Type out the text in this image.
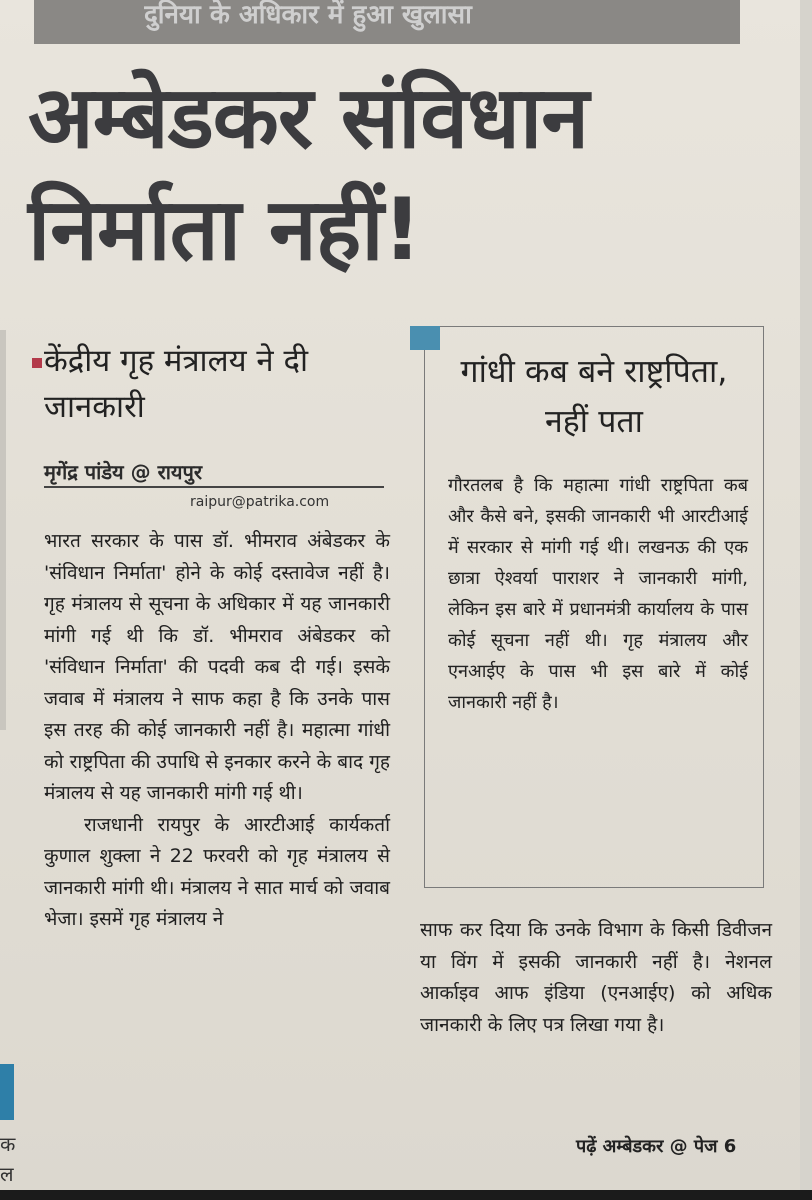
दुनिया के अधिकार में हुआ खुलासा
अम्बेडकर संविधान
निर्माता नहीं!
केंद्रीय गृह मंत्रालय ने दी जानकारी
मृगेंद्र पांडेय @ रायपुर
raipur@patrika.com

भारत सरकार के पास डॉ. भीमराव अंबेडकर के 'संविधान निर्माता' होने के कोई दस्तावेज नहीं है। गृह मंत्रालय से सूचना के अधिकार में यह जानकारी मांगी गई थी कि डॉ. भीमराव अंबेडकर को 'संविधान निर्माता' की पदवी कब दी गई। इसके जवाब में मंत्रालय ने साफ कहा है कि उनके पास इस तरह की कोई जानकारी नहीं है। महात्मा गांधी को राष्ट्रपिता की उपाधि से इनकार करने के बाद गृह मंत्रालय से यह जानकारी मांगी गई थी।

राजधानी रायपुर के आरटीआई कार्यकर्ता कुणाल शुक्ला ने 22 फरवरी को गृह मंत्रालय से जानकारी मांगी थी। मंत्रालय ने सात मार्च को जवाब भेजा। इसमें गृह मंत्रालय ने

गांधी कब बने राष्ट्रपिता, नहीं पता
गौरतलब है कि महात्मा गांधी राष्ट्रपिता कब और कैसे बने, इसकी जानकारी भी आरटीआई में सरकार से मांगी गई थी। लखनऊ की एक छात्रा ऐश्वर्या पाराशर ने जानकारी मांगी, लेकिन इस बारे में प्रधानमंत्री कार्यालय के पास कोई सूचना नहीं थी। गृह मंत्रालय और एनआईए के पास भी इस बारे में कोई जानकारी नहीं है।

साफ कर दिया कि उनके विभाग के किसी डिवीजन या विंग में इसकी जानकारी नहीं है। नेशनल आर्काइव आफ इंडिया (एनआईए) को अधिक जानकारी के लिए पत्र लिखा गया है।

पढ़ें अम्बेडकर @ पेज 6
क
ल
